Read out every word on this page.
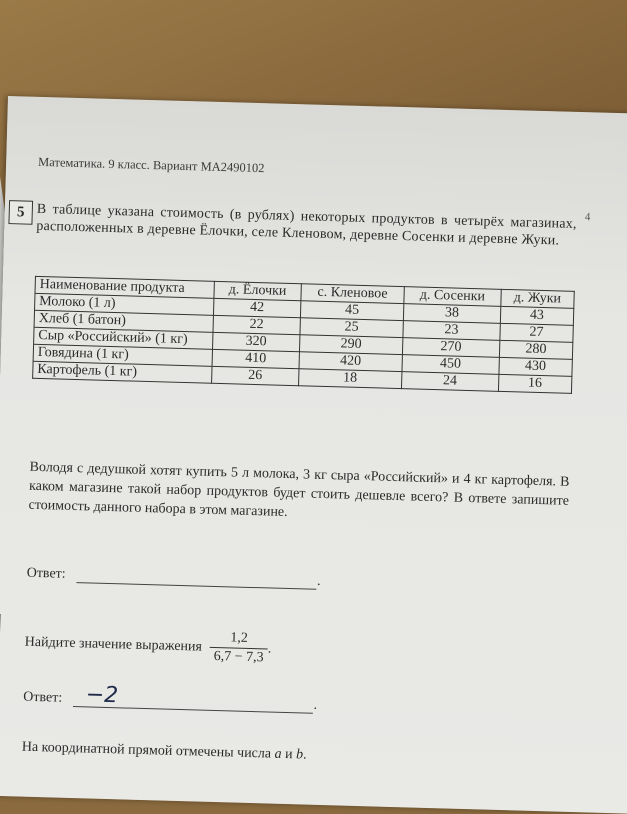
Математика. 9 класс. Вариант МА2490102
4
5 В таблице указана стоимость (в рублях) некоторых продуктов в четырёх магазинах, расположенных в деревне Ёлочки, селе Кленовом, деревне Сосенки и деревне Жуки.
Наименование продукта	д. Ёлочки	с. Кленовое	д. Сосенки	д. Жуки
Молоко (1 л)	42	45	38	43
Хлеб (1 батон)	22	25	23	27
Сыр «Российский» (1 кг)	320	290	270	280
Говядина (1 кг)	410	420	450	430
Картофель (1 кг)	26	18	24	16
Володя с дедушкой хотят купить 5 л молока, 3 кг сыра «Российский» и 4 кг картофеля. В каком магазине такой набор продуктов будет стоить дешевле всего? В ответе запишите стоимость данного набора в этом магазине.
Ответ:	.
Найдите значение выражения $\frac{1,2}{6,7 - 7,3}$ .
Ответ: −2	.
На координатной прямой отмечены числа a и b.
